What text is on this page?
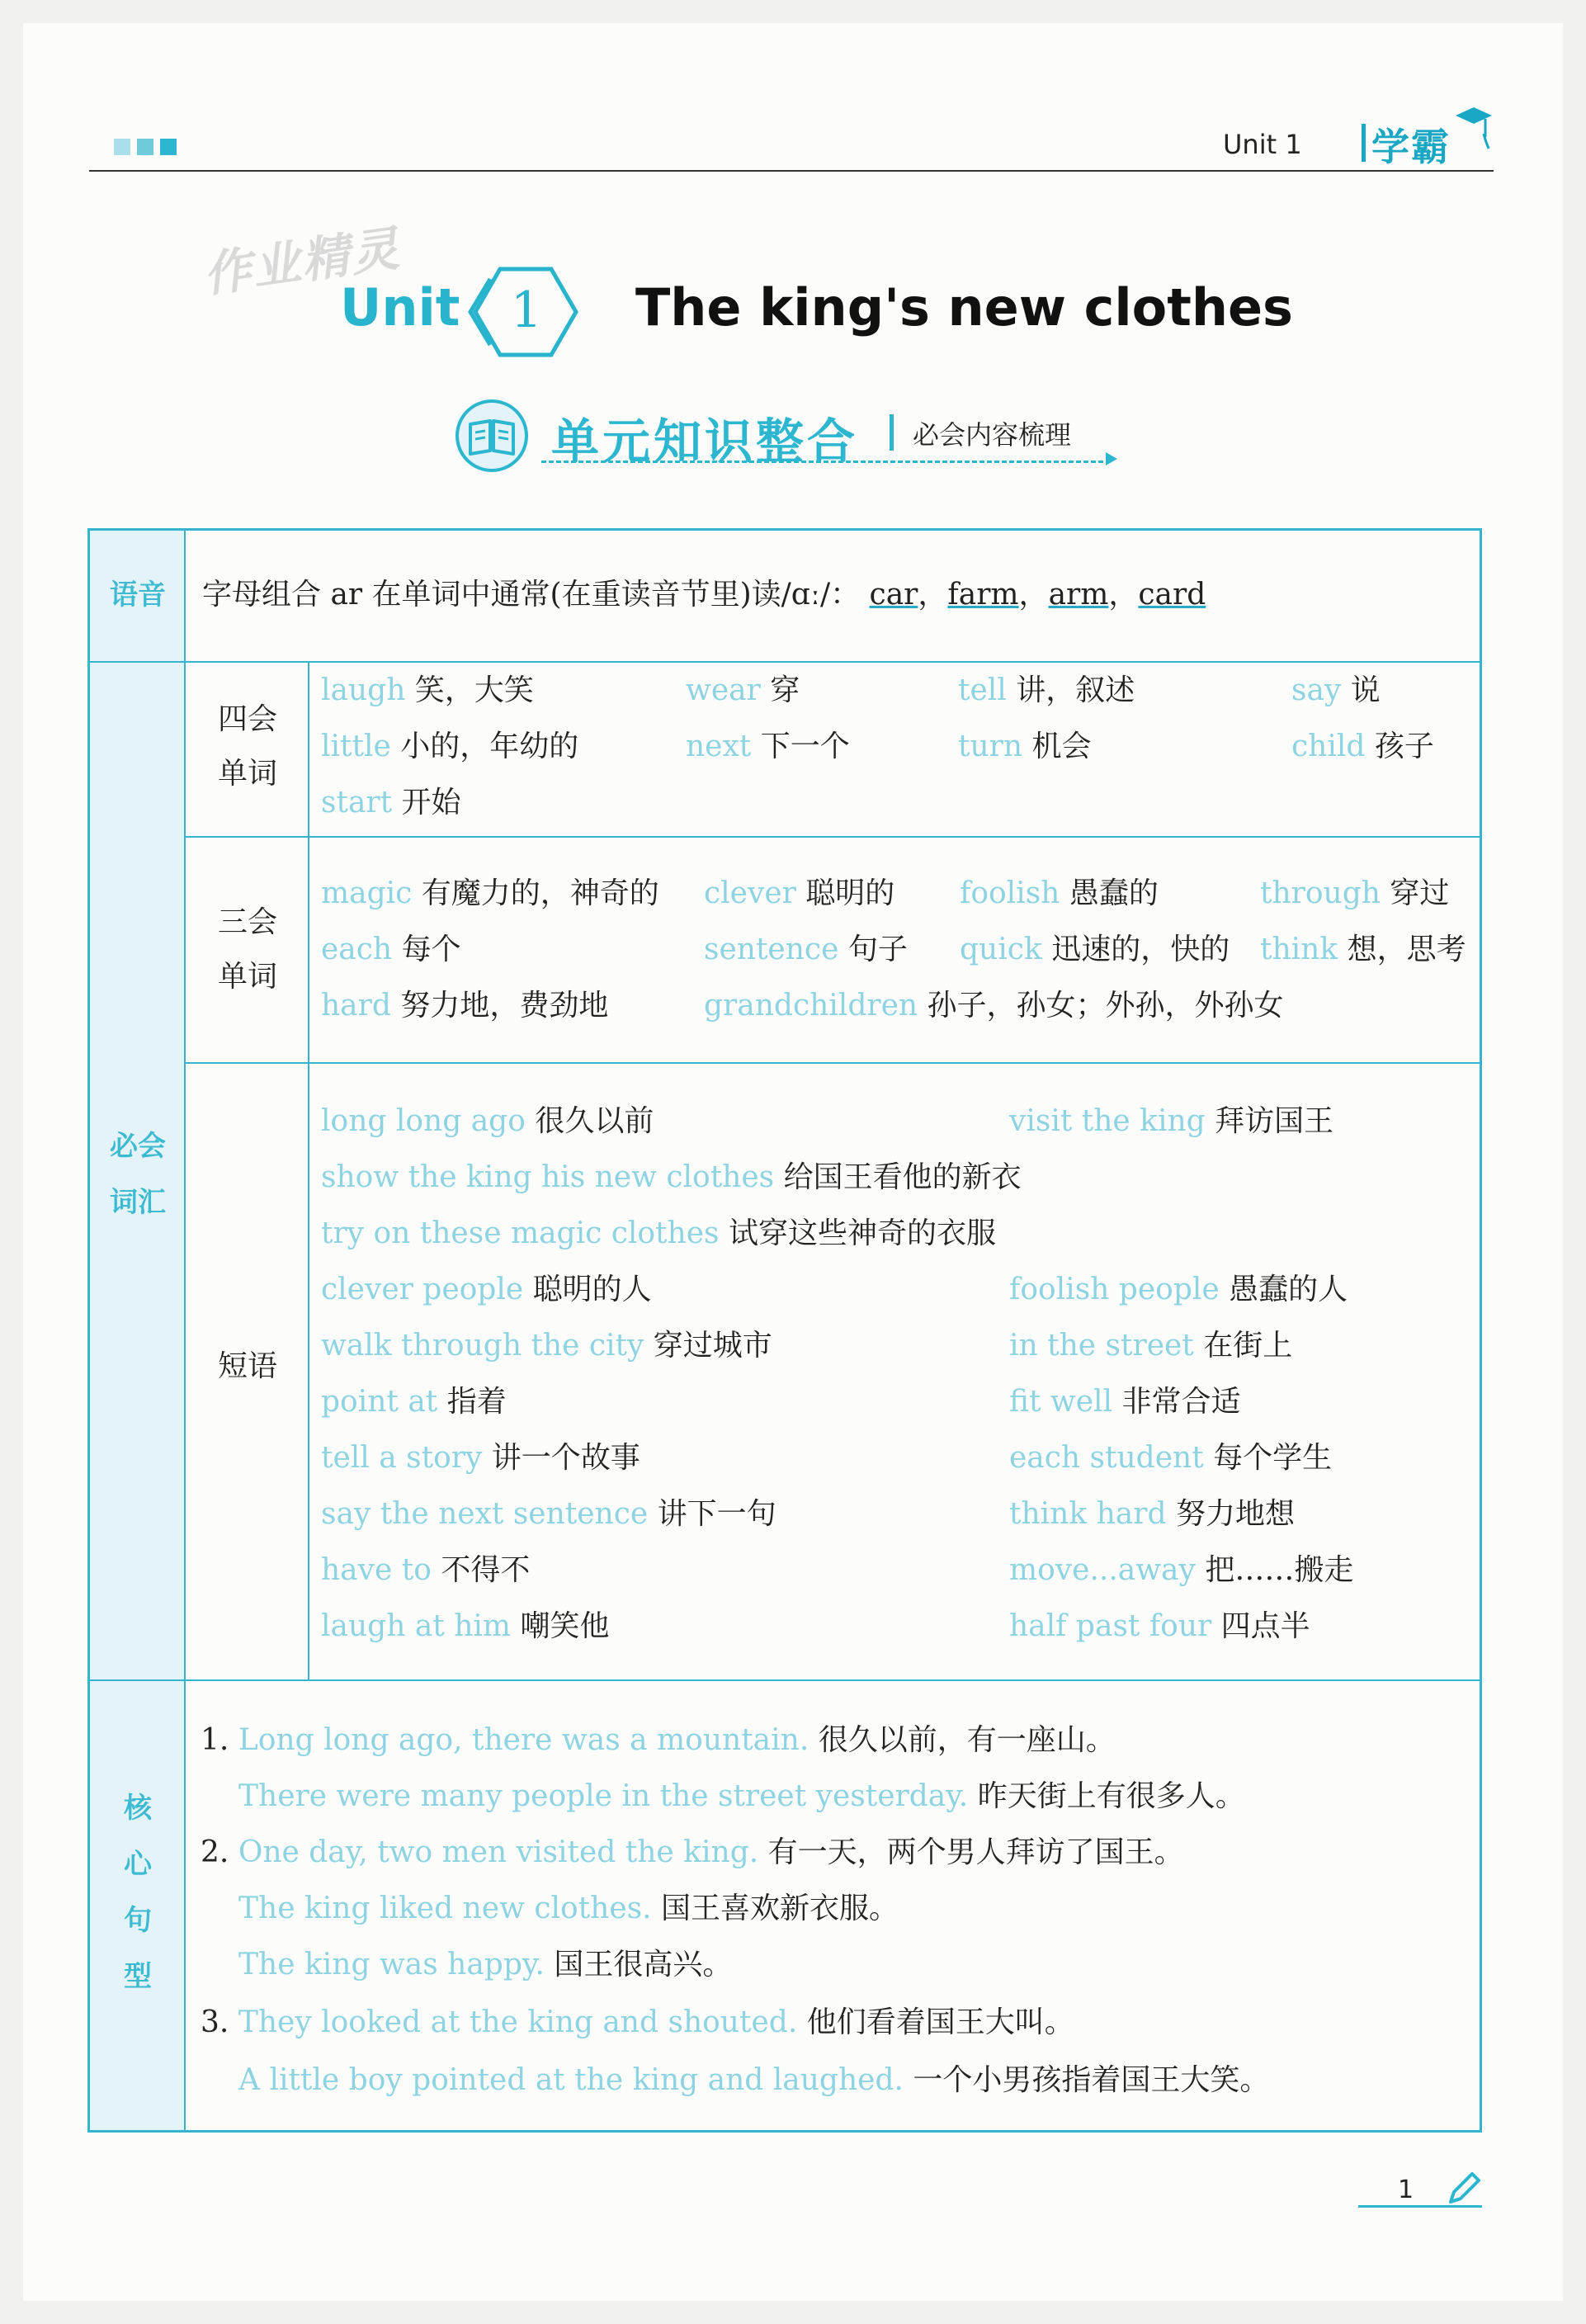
Unit 1 学霸
作业精灵
Unit 1 The king's new clothes
单元知识整合 必会内容梳理
语音
必会
词汇
核
心
句
型
字母组合 ar 在单词中通常(在重读音节里)读/ɑː/： car，farm，arm，card
四会
单词
laugh 笑，大笑	wear 穿	tell 讲，叙述	say 说
little 小的，年幼的	next 下一个	turn 机会	child 孩子
start 开始
三会
单词
magic 有魔力的，神奇的 clever 聪明的 foolish 愚蠢的	through 穿过
each 每个	sentence 句子 quick 迅速的，快的 think 想，思考
hard 努力地，费劲地	grandchildren 孙子，孙女；外孙，外孙女
短语
long long ago 很久以前	visit the king 拜访国王
show the king his new clothes 给国王看他的新衣
try on these magic clothes 试穿这些神奇的衣服
clever people 聪明的人	foolish people 愚蠢的人
walk through the city 穿过城市	in the street 在街上
point at 指着	fit well 非常合适
tell a story 讲一个故事	each student 每个学生
say the next sentence 讲下一句	think hard 努力地想
have to 不得不	move...away 把……搬走
laugh at him 嘲笑他	half past four 四点半
1. Long long ago, there was a mountain. 很久以前，有一座山。
There were many people in the street yesterday. 昨天街上有很多人。
2. One day, two men visited the king. 有一天，两个男人拜访了国王。
The king liked new clothes. 国王喜欢新衣服。
The king was happy. 国王很高兴。
3. They looked at the king and shouted. 他们看着国王大叫。
A little boy pointed at the king and laughed. 一个小男孩指着国王大笑。
1
